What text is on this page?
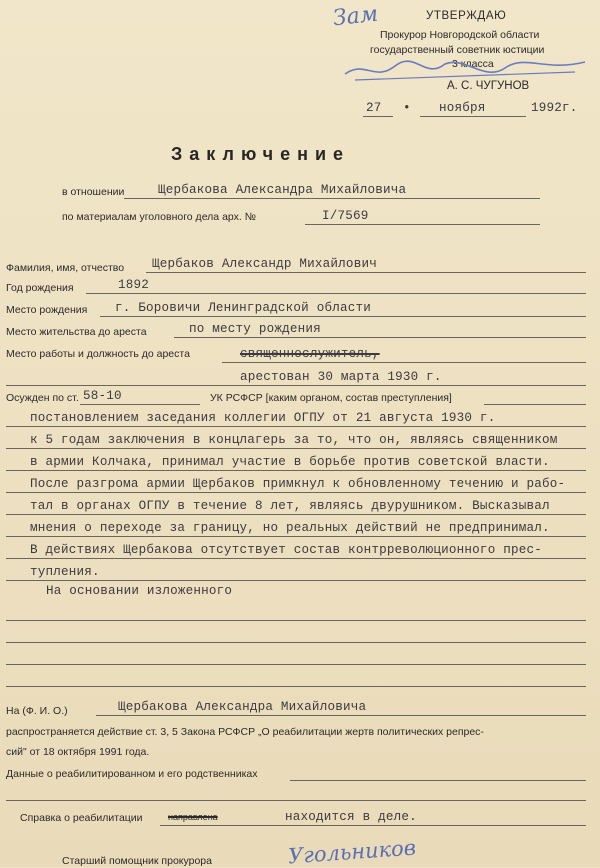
Зам	УТВЕРЖДАЮ
Прокурор Новгородской области
государственный советник юстиции
3 класса
А. С. ЧУГУНОВ
27 • ноября	1992г.
Заключение
в отношении	Щербакова Александра Михайловича
по материалам уголовного дела арх. №	I/7569
Фамилия, имя, отчество Щербаков Александр Михайлович
Год рождения	1892
Место рождения г. Боровичи Ленинградской области
Место жительства до ареста	по месту рождения
Место работы и должность до ареста	священнослужитель,
арестован 30 марта 1930 г.
Осужден по ст. 58-10	УК РСФСР [каким органом, состав преступления]
постановлением заседания коллегии ОГПУ от 21 августа 1930 г.
к 5 годам заключения в концлагерь за то, что он, являясь священником
в армии Колчака, принимал участие в борьбе против советской власти.
После разгрома армии Щербаков примкнул к обновленному течению и рабо-
тал в органах ОГПУ в течение 8 лет, являясь двурушником. Высказывал
мнения о переходе за границу, но реальных действий не предпринимал.
В действиях Щербакова отсутствует состав контрреволюционного прес-
тупления.
На основании изложенного
На (Ф. И. О.)	Щербакова Александра Михайловича
распространяется действие ст. 3, 5 Закона РСФСР „О реабилитации жертв политических репрес-
сий" от 18 октября 1991 года.
Данные о реабилитированном и его родственниках
Справка о реабилитации	направлена	находится в деле.
Старший помощник прокурора	Угольников
